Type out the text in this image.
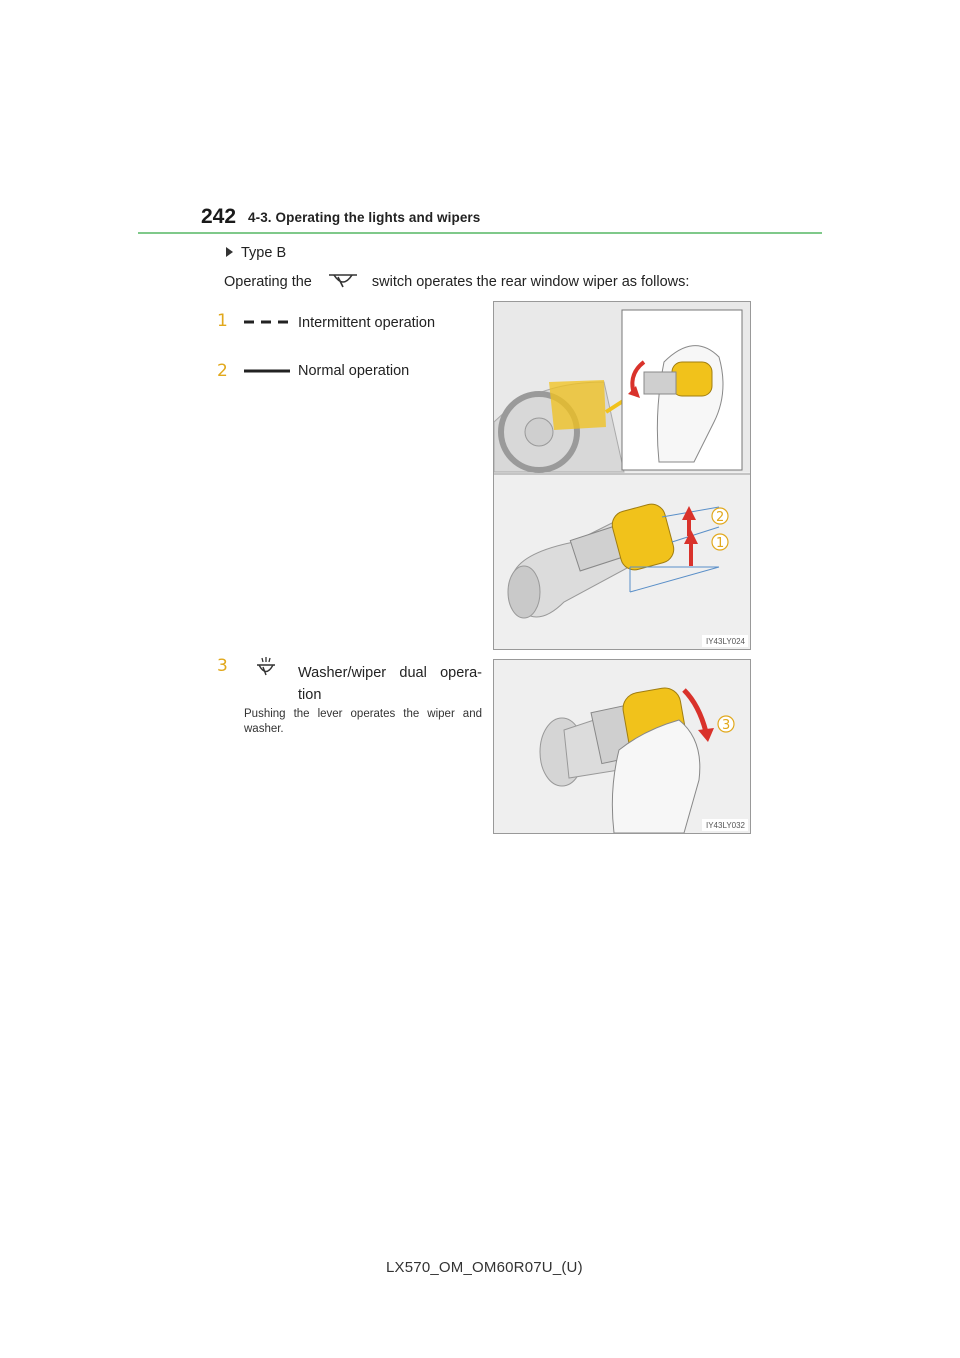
242 4-3. Operating the lights and wipers
Type B
Operating the	switch operates the rear window wiper as follows:
1	Intermittent operation
2	Normal operation
3	Washer/wiper dual opera-tion
Pushing the lever operates the wiper and washer.
2
1
IY43LY024
3
IY43LY032
LX570_OM_OM60R07U_(U)
